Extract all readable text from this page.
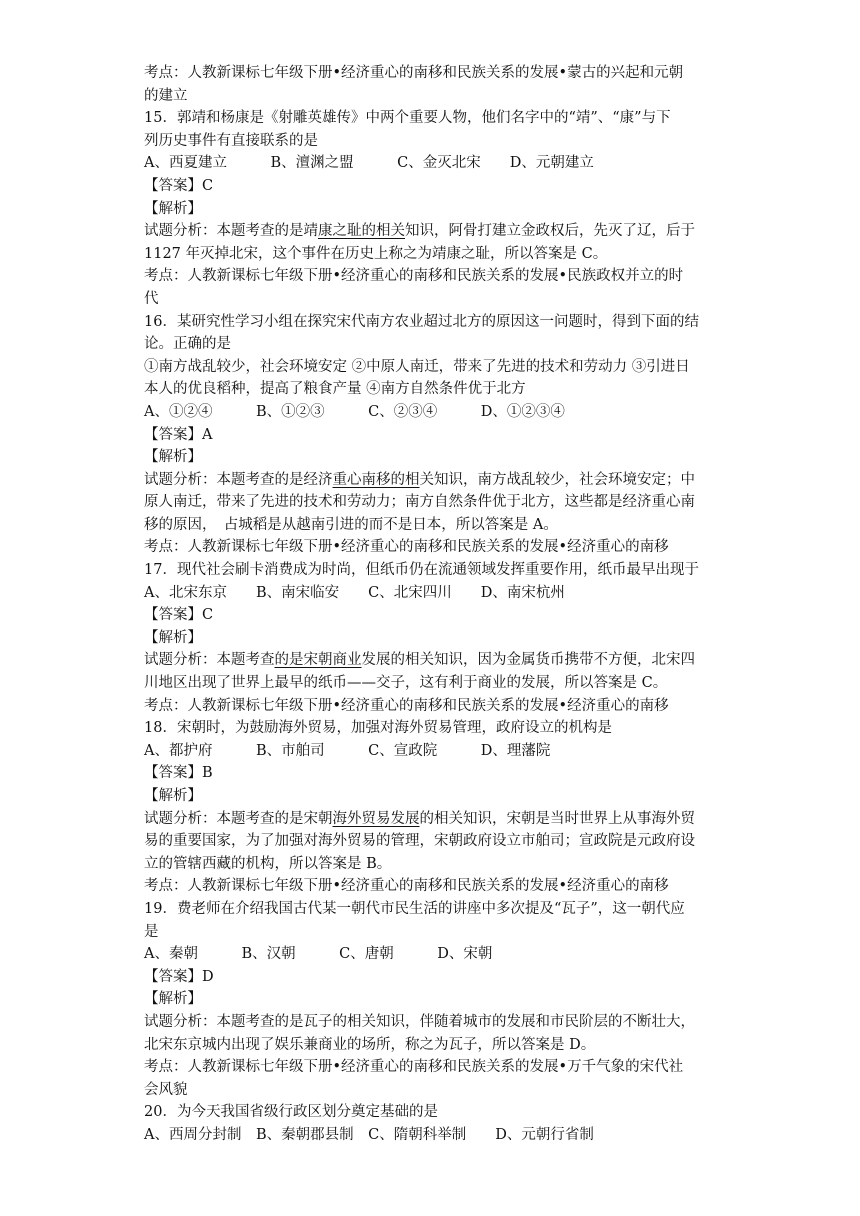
考点：人教新课标七年级下册•经济重心的南移和民族关系的发展•蒙古的兴起和元朝
的建立
15．郭靖和杨康是《射雕英雄传》中两个重要人物，他们名字中的“靖”、“康”与下
列历史事件有直接联系的是
A、西夏建立　　　B、澶渊之盟　　　C、金灭北宋　　D、元朝建立
【答案】C
【解析】
试题分析：本题考查的是靖康之耻的相关知识，阿骨打建立金政权后，先灭了辽，后于
1127 年灭掉北宋，这个事件在历史上称之为靖康之耻，所以答案是 C。
考点：人教新课标七年级下册•经济重心的南移和民族关系的发展•民族政权并立的时
代
16．某研究性学习小组在探究宋代南方农业超过北方的原因这一问题时，得到下面的结
论。正确的是
①南方战乱较少，社会环境安定 ②中原人南迁，带来了先进的技术和劳动力 ③引进日
本人的优良稻种，提高了粮食产量 ④南方自然条件优于北方
A、①②④　　　B、①②③　　　C、②③④　　　D、①②③④
【答案】A
【解析】
试题分析：本题考查的是经济重心南移的相关知识，南方战乱较少，社会环境安定；中
原人南迁，带来了先进的技术和劳动力；南方自然条件优于北方，这些都是经济重心南
移的原因，　占城稻是从越南引进的而不是日本，所以答案是 A。
考点：人教新课标七年级下册•经济重心的南移和民族关系的发展•经济重心的南移
17．现代社会刷卡消费成为时尚，但纸币仍在流通领域发挥重要作用，纸币最早出现于
A、北宋东京　　B、南宋临安　　C、北宋四川　　D、南宋杭州
【答案】C
【解析】
试题分析：本题考查的是宋朝商业发展的相关知识，因为金属货币携带不方便，北宋四
川地区出现了世界上最早的纸币——交子，这有利于商业的发展，所以答案是 C。
考点：人教新课标七年级下册•经济重心的南移和民族关系的发展•经济重心的南移
18．宋朝时，为鼓励海外贸易，加强对海外贸易管理，政府设立的机构是
A、都护府　　　B、市舶司　　　C、宣政院　　　D、理藩院
【答案】B
【解析】
试题分析：本题考查的是宋朝海外贸易发展的相关知识，宋朝是当时世界上从事海外贸
易的重要国家，为了加强对海外贸易的管理，宋朝政府设立市舶司；宣政院是元政府设
立的管辖西藏的机构，所以答案是 B。
考点：人教新课标七年级下册•经济重心的南移和民族关系的发展•经济重心的南移
19．费老师在介绍我国古代某一朝代市民生活的讲座中多次提及“瓦子”，这一朝代应
是
A、秦朝　　　B、汉朝　　　C、唐朝　　　D、宋朝
【答案】D
【解析】
试题分析：本题考查的是瓦子的相关知识，伴随着城市的发展和市民阶层的不断壮大，
北宋东京城内出现了娱乐兼商业的场所，称之为瓦子，所以答案是 D。
考点：人教新课标七年级下册•经济重心的南移和民族关系的发展•万千气象的宋代社
会风貌
20．为今天我国省级行政区划分奠定基础的是
A、西周分封制　B、秦朝郡县制　C、隋朝科举制　　D、元朝行省制
